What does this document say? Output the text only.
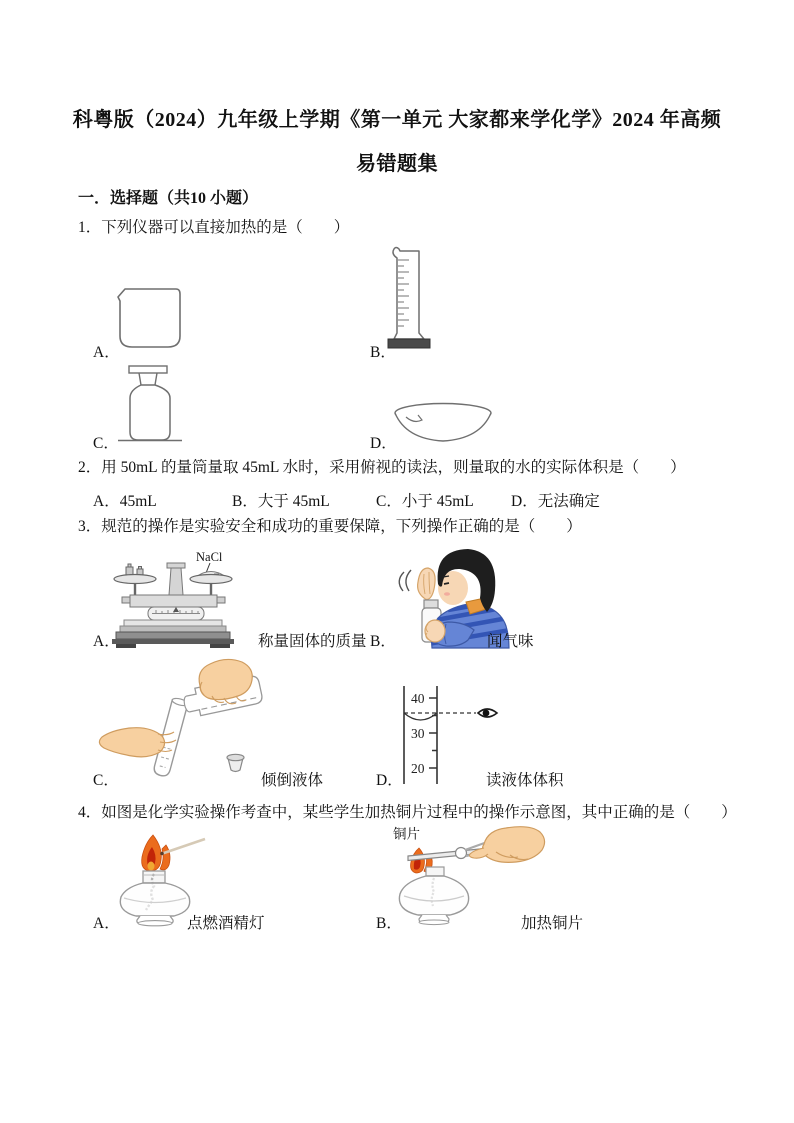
科粤版（2024）九年级上学期《第一单元 大家都来学化学》2024 年高频
易错题集
一．选择题（共10 小题）
1．下列仪器可以直接加热的是（　　）
A．	B．
C．	D．
2．用 50mL 的量筒量取 45mL 水时，采用俯视的读法，则量取的水的实际体积是（　　）
A．45mL	B．大于 45mL	C．小于 45mL D．无法确定
3．规范的操作是实验安全和成功的重要保障，下列操作正确的是（　　）
NaCl
A．	称量固体的质量 B．	闻气味
C．	倾倒液体
40
30
20
D．	读液体体积
4．如图是化学实验操作考查中，某些学生加热铜片过程中的操作示意图，其中正确的是（　　）
A．	点燃酒精灯
铜片
B．	加热铜片
